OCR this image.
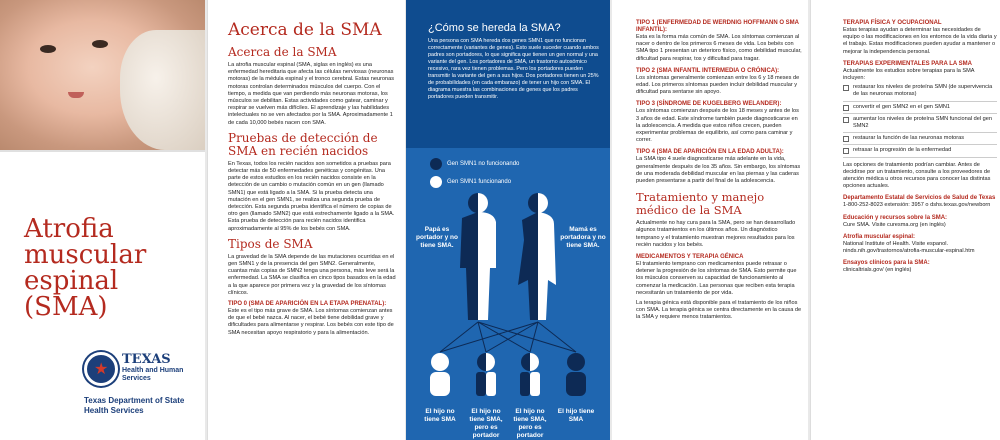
Atrofia
muscular
espinal
(SMA)
★
TEXAS
Health and Human
Services
Texas Department of State
Health Services
Acerca de la SMA
Acerca de la SMA
La atrofia muscular espinal (SMA, siglas en inglés) es una enfermedad hereditaria que afecta las células nerviosas (neuronas motoras) de la médula espinal y el tronco cerebral. Estas neuronas motoras controlan determinados músculos del cuerpo. Con el tiempo, a medida que van perdiendo más neuronas motoras, los músculos se debilitan. Estas actividades como gatear, caminar y respirar se vuelven más difíciles. El aprendizaje y las habilidades intelectuales no se ven afectados por la SMA. Aproximadamente 1 de cada 10,000 bebés nacen con SMA.
Pruebas de detección de SMA en recién nacidos
En Texas, todos los recién nacidos son sometidos a pruebas para detectar más de 50 enfermedades genéticas y congénitas. Una parte de estos estudios en los recién nacidos consiste en la detección de un cambio o mutación común en un gen (llamado SMN1) que está ligado a la SMA. Si la prueba detecta una mutación en el gen SMN1, se realiza una segunda prueba de detección. Esta segunda prueba identifica el número de copias de otro gen (llamado SMN2) que está estrechamente ligado a la SMA. Esta prueba de detección para recién nacidos identifica aproximadamente al 95% de los bebés con SMA.
Tipos de SMA
La gravedad de la SMA depende de las mutaciones ocurridas en el gen SMN1 y de la presencia del gen SMN2. Generalmente, cuantas más copias de SMN2 tenga una persona, más leve será la enfermedad. La SMA se clasifica en cinco tipos basados en la edad a la que aparece por primera vez y la gravedad de los síntomas clínicos.
TIPO 0 (SMA DE APARICIÓN EN LA ETAPA PRENATAL):
Este es el tipo más grave de SMA. Los síntomas comienzan antes de que el bebé nazca. Al nacer, el bebé tiene debilidad grave y dificultades para alimentarse y respirar. Los bebés con este tipo de SMA necesitan apoyo respiratorio y para la alimentación.
¿Cómo se hereda la SMA?
Una persona con SMA hereda dos genes SMN1 que no funcionan correctamente (variantes de genes). Esto suele suceder cuando ambos padres son portadores, lo que significa que tienen un gen normal y una variante del gen. Los portadores de SMA, un trastorno autosómico recesivo, rara vez tienen problemas. Pero los portadores pueden transmitir la variante del gen a sus hijos. Dos portadores tienen un 25% de probabilidades (en cada embarazo) de tener un hijo con SMA. El diagrama muestra las combinaciones de genes que los padres portadores pueden transmitir.
Gen SMN1 no funcionando
Gen SMN1 funcionando
Papá es portador y no tiene SMA.
Mamá es portadora y no tiene SMA.
El hijo no tiene SMA
El hijo no tiene SMA, pero es portador
El hijo no tiene SMA, pero es portador
El hijo tiene SMA
TIPO 1 (ENFERMEDAD DE WERDNIG HOFFMANN O SMA INFANTIL):
Esta es la forma más común de SMA. Los síntomas comienzan al nacer o dentro de los primeros 6 meses de vida. Los bebés con SMA tipo 1 presentan un deterioro físico, como debilidad muscular, dificultad para respirar, tos y dificultad para tragar.
TIPO 2 (SMA INFANTIL INTERMEDIA O CRÓNICA):
Los síntomas generalmente comienzan entre los 6 y 18 meses de edad. Los primeros síntomas pueden incluir debilidad muscular y dificultad para sentarse sin apoyo.
TIPO 3 (SÍNDROME DE KUGELBERG WELANDER):
Los síntomas comienzan después de los 18 meses y antes de los 3 años de edad. Este síndrome también puede diagnosticarse en la adolescencia. A medida que estos niños crecen, pueden experimentar problemas de equilibrio, así como para caminar y correr.
TIPO 4 (SMA DE APARICIÓN EN LA EDAD ADULTA):
La SMA tipo 4 suele diagnosticarse más adelante en la vida, generalmente después de los 35 años. Sin embargo, los síntomas de una moderada debilidad muscular en las piernas y las caderas pueden presentarse a partir del final de la adolescencia.
Tratamiento y manejo médico de la SMA
Actualmente no hay cura para la SMA, pero se han desarrollado algunos tratamientos en los últimos años. Un diagnóstico temprano y el tratamiento muestran mejores resultados para los recién nacidos y los bebés.
MEDICAMENTOS Y TERAPIA GÉNICA
El tratamiento temprano con medicamentos puede retrasar o detener la progresión de los síntomas de SMA. Esto permite que los músculos conserven su capacidad de funcionamiento al comenzar la medicación. Las personas que reciben esta terapia necesitarán un tratamiento de por vida.
La terapia génica está disponible para el tratamiento de los niños con SMA. La terapia génica se centra directamente en la causa de la SMA y requiere menos tratamientos.
TERAPIA FÍSICA Y OCUPACIONAL
Estas terapias ayudan a determinar las necesidades de equipo o las modificaciones en los entornos de la vida diaria y el trabajo. Estas modificaciones pueden ayudar a mantener o mejorar la independencia personal.
TERAPIAS EXPERIMENTALES PARA LA SMA
Actualmente los estudios sobre terapias para la SMA incluyen:
restaurar los niveles de proteína SMN (de supervivencia de las neuronas motoras)
convertir el gen SMN2 en el gen SMN1
aumentar los niveles de proteína SMN funcional del gen SMN2
restaurar la función de las neuronas motoras
retrasar la progresión de la enfermedad
Las opciones de tratamiento podrían cambiar. Antes de decidirse por un tratamiento, consulte a los proveedores de atención médica u otros recursos para conocer las distintas opciones actuales.
Departamento Estatal de Servicios de Salud de Texas
1-800-252-8023 extensión: 3957 o dshs.texas.gov/newborn
Educación y recursos sobre la SMA:
Cure SMA. Visite curesma.org (en inglés)
Atrofia muscular espinal:
National Institute of Health. Visite espanol. ninds.nih.gov/trastornos/atrofia-muscular-espinal.htm
Ensayos clínicos para la SMA:
clinicaltrials.gov/ (en inglés)
